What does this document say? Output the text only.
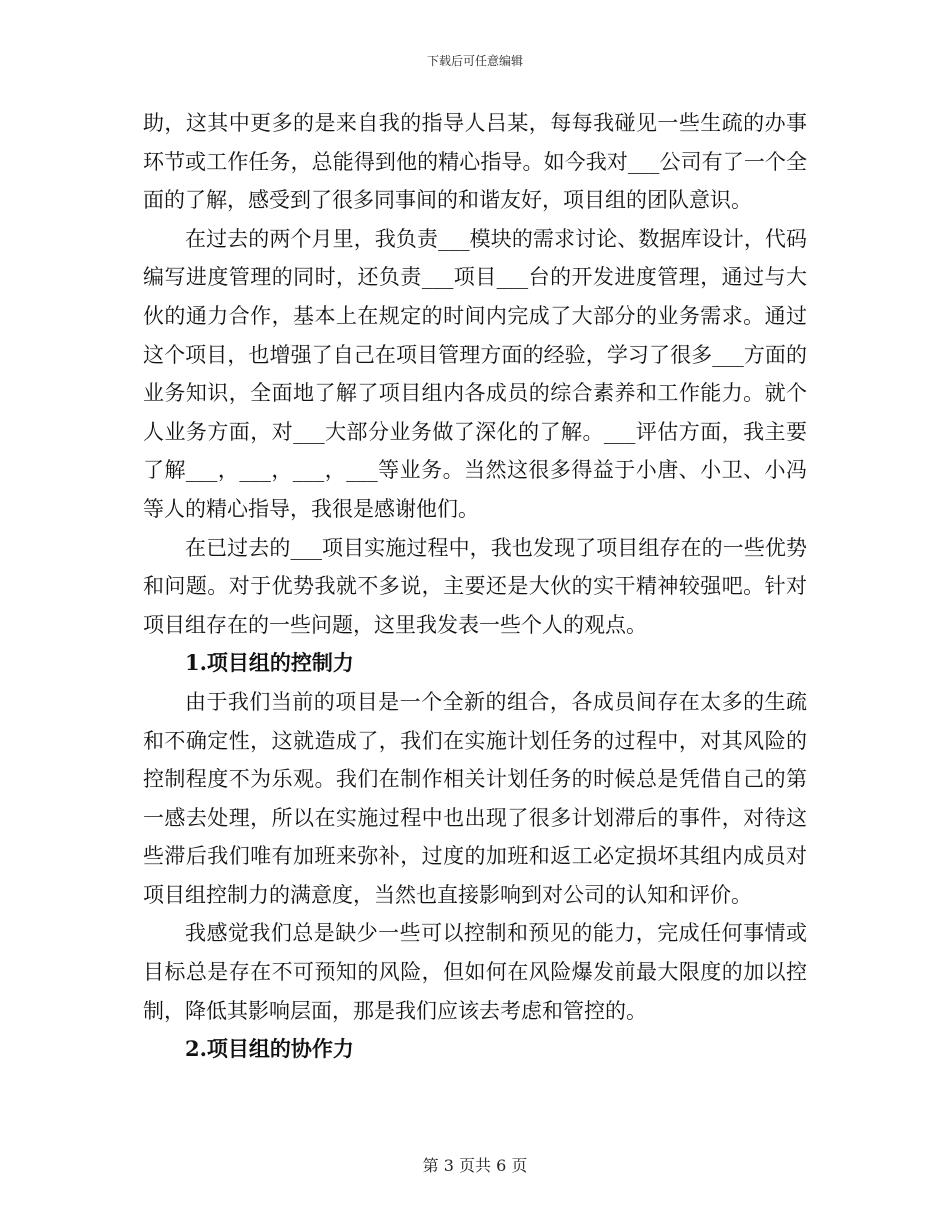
下载后可任意编辑

助，这其中更多的是来自我的指导人吕某，每每我碰见一些生疏的办事环节或工作任务，总能得到他的精心指导。如今我对___公司有了一个全面的了解，感受到了很多同事间的和谐友好，项目组的团队意识。

在过去的两个月里，我负责___模块的需求讨论、数据库设计，代码编写进度管理的同时，还负责___项目___台的开发进度管理，通过与大伙的通力合作，基本上在规定的时间内完成了大部分的业务需求。通过这个项目，也增强了自己在项目管理方面的经验，学习了很多___方面的业务知识，全面地了解了项目组内各成员的综合素养和工作能力。就个人业务方面，对___大部分业务做了深化的了解。___评估方面，我主要了解___，___，___，___等业务。当然这很多得益于小唐、小卫、小冯等人的精心指导，我很是感谢他们。

在已过去的___项目实施过程中，我也发现了项目组存在的一些优势和问题。对于优势我就不多说，主要还是大伙的实干精神较强吧。针对项目组存在的一些问题，这里我发表一些个人的观点。

1.项目组的控制力

由于我们当前的项目是一个全新的组合，各成员间存在太多的生疏和不确定性，这就造成了，我们在实施计划任务的过程中，对其风险的控制程度不为乐观。我们在制作相关计划任务的时候总是凭借自己的第一感去处理，所以在实施过程中也出现了很多计划滞后的事件，对待这些滞后我们唯有加班来弥补，过度的加班和返工必定损坏其组内成员对项目组控制力的满意度，当然也直接影响到对公司的认知和评价。

我感觉我们总是缺少一些可以控制和预见的能力，完成任何事情或目标总是存在不可预知的风险，但如何在风险爆发前最大限度的加以控制，降低其影响层面，那是我们应该去考虑和管控的。

2.项目组的协作力

第 3 页共 6 页
